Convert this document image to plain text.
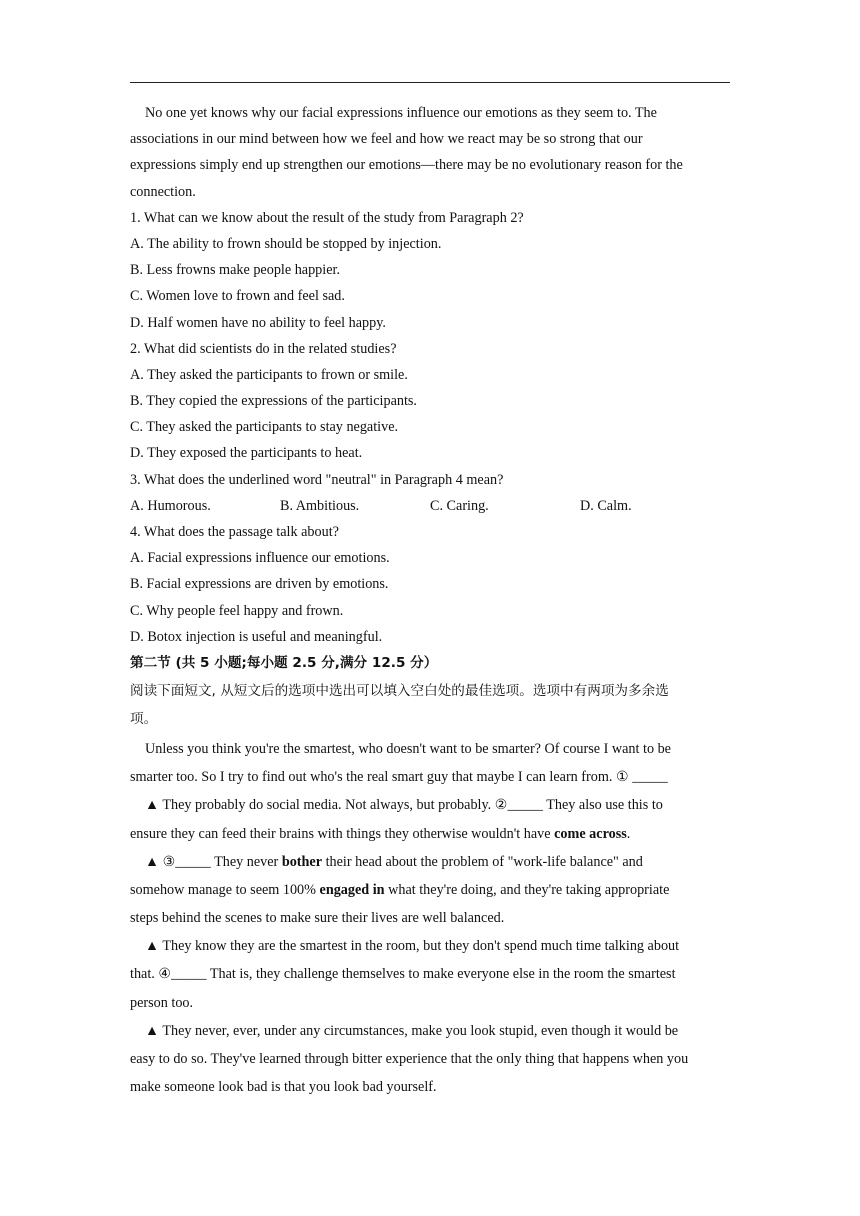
No one yet knows why our facial expressions influence our emotions as they seem to. The
associations in our mind between how we feel and how we react may be so strong that our
expressions simply end up strengthen our emotions—there may be no evolutionary reason for the
connection.
1. What can we know about the result of the study from Paragraph 2?
A. The ability to frown should be stopped by injection.
B. Less frowns make people happier.
C. Women love to frown and feel sad.
D. Half women have no ability to feel happy.
2. What did scientists do in the related studies?
A. They asked the participants to frown or smile.
B. They copied the expressions of the participants.
C. They asked the participants to stay negative.
D. They exposed the participants to heat.
3. What does the underlined word "neutral" in Paragraph 4 mean?
A. Humorous.	B. Ambitious.	C. Caring.	D. Calm.
4. What does the passage talk about?
A. Facial expressions influence our emotions.
B. Facial expressions are driven by emotions.
C. Why people feel happy and frown.
D. Botox injection is useful and meaningful.
第二节 (共 5 小题;每小题 2.5 分,满分 12.5 分）
阅读下面短文, 从短文后的选项中选出可以填入空白处的最佳选项。选项中有两项为多余选
项。
Unless you think you're the smartest, who doesn't want to be smarter? Of course I want to be
smarter too. So I try to find out who's the real smart guy that maybe I can learn from. ① _____
▲ They probably do social media. Not always, but probably. ②_____ They also use this to
ensure they can feed their brains with things they otherwise wouldn't have come across.
▲ ③_____ They never bother their head about the problem of "work-life balance" and
somehow manage to seem 100% engaged in what they're doing, and they're taking appropriate
steps behind the scenes to make sure their lives are well balanced.
▲ They know they are the smartest in the room, but they don't spend much time talking about
that. ④_____ That is, they challenge themselves to make everyone else in the room the smartest
person too.
▲ They never, ever, under any circumstances, make you look stupid, even though it would be
easy to do so. They've learned through bitter experience that the only thing that happens when you
make someone look bad is that you look bad yourself.
